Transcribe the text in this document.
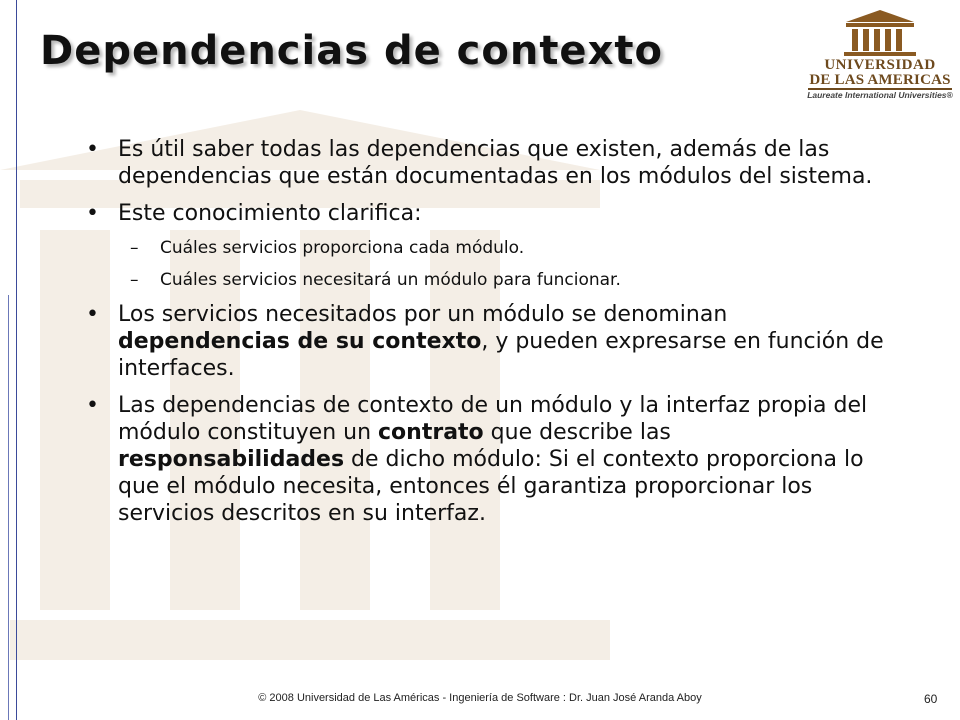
Dependencias de contexto	UNIVERSIDAD
DE LAS AMERICAS
Laureate International Universities®
• Es útil saber todas las dependencias que existen, además de las dependencias que están documentadas en los módulos del sistema.
• Este conocimiento clarifica:
– Cuáles servicios proporciona cada módulo.
– Cuáles servicios necesitará un módulo para funcionar.
• Los servicios necesitados por un módulo se denominan dependencias de su contexto, y pueden expresarse en función de interfaces.
• Las dependencias de contexto de un módulo y la interfaz propia del módulo constituyen un contrato que describe las responsabilidades de dicho módulo: Si el contexto proporciona lo que el módulo necesita, entonces él garantiza proporcionar los servicios descritos en su interfaz.
© 2008 Universidad de Las Américas - Ingeniería de Software : Dr. Juan José Aranda Aboy	60
